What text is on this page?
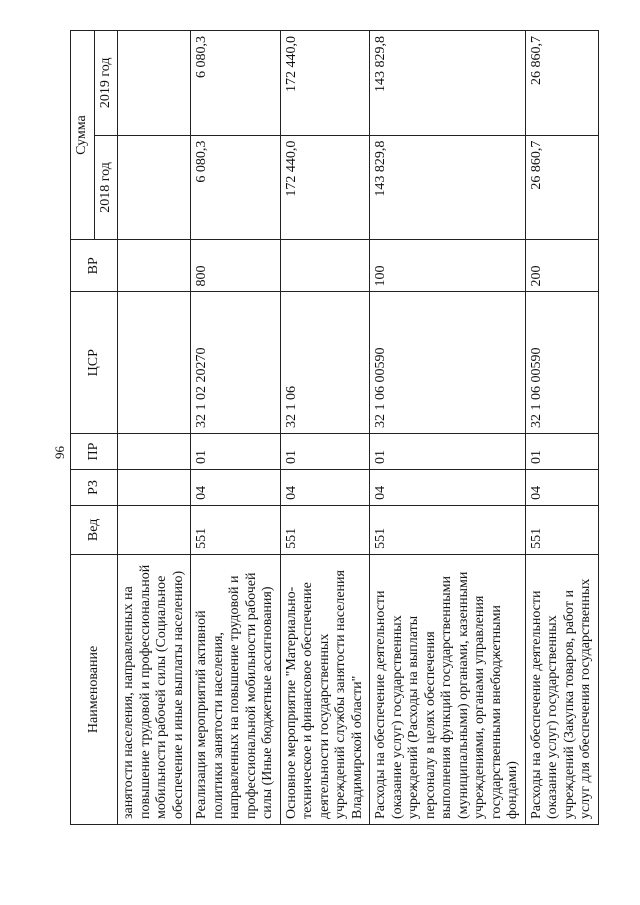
96
Наименование	Вед	РЗ	ПР	ЦСР	ВР	Сумма	
						2018 год	2019 год
занятости населения, направленных на повышение трудовой и профессиональной мобильности рабочей силы (Социальное обеспечение и иные выплаты населению)							
Реализация мероприятий активной политики занятости населения, направленных на повышение трудовой и профессиональной мобильности рабочей силы (Иные бюджетные ассигнования)	551	04	01	32 1 02 20270	800	6 080,3	6 080,3
Основное мероприятие "Материально-техническое и финансовое обеспечение деятельности государственных учреждений службы занятости населения Владимирской области"	551	04	01	32 1 06		172 440,0	172 440,0
Расходы на обеспечение деятельности (оказание услуг) государственных учреждений (Расходы на выплаты персоналу в целях обеспечения выполнения функций государственными (муниципальными) органами, казенными учреждениями, органами управления государственными внебюджетными фондами)	551	04	01	32 1 06 00590	100	143 829,8	143 829,8
Расходы на обеспечение деятельности (оказание услуг) государственных учреждений (Закупка товаров, работ и услуг для обеспечения государственных	551	04	01	32 1 06 00590	200	26 860,7	26 860,7
